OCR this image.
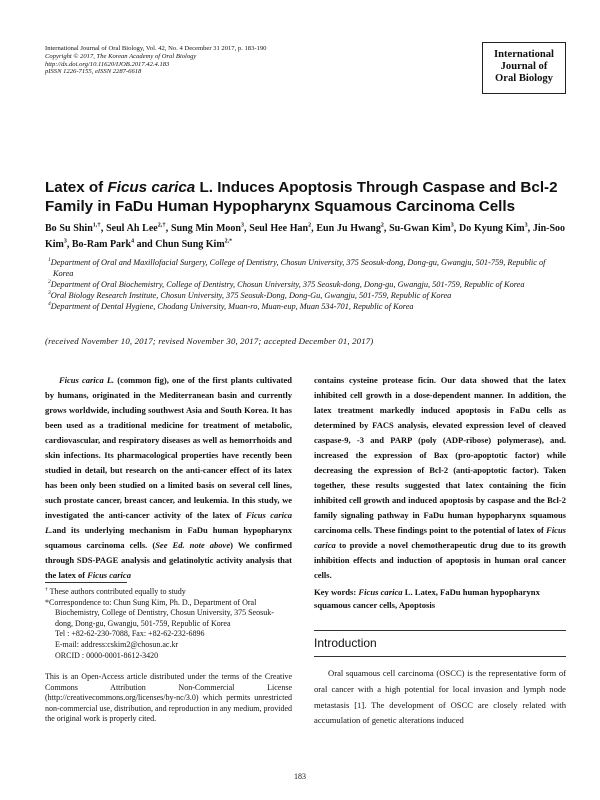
International Journal of Oral Biology, Vol. 42, No. 4 December 31 2017, p. 183-190
Copyright © 2017, The Korean Academy of Oral Biology
http://dx.doi.org/10.11620/IJOB.2017.42.4.183
pISSN 1226-7155, eISSN 2287-6618
International
Journal of
Oral Biology
Latex of Ficus carica L. Induces Apoptosis Through Caspase and Bcl-2 Family in FaDu Human Hypopharynx Squamous Carcinoma Cells
Bo Su Shin$^{1,\dagger}$, Seul Ah Lee$^{2,\dagger}$, Sung Min Moon$^3$, Seul Hee Han$^2$, Eun Ju Hwang$^2$, Su-Gwan Kim$^3$, Do Kyung Kim$^3$, Jin-Soo Kim$^3$, Bo-Ram Park$^4$ and Chun Sung Kim$^{2,*}$
$^1$Department of Oral and Maxillofacial Surgery, College of Dentistry, Chosun University, 375 Seosuk-dong, Dong-gu, Gwangju, 501-759, Republic of Korea
$^2$Department of Oral Biochemistry, College of Dentistry, Chosun University, 375 Seosuk-dong, Dong-gu, Gwangju, 501-759, Republic of Korea
$^3$Oral Biology Research Institute, Chosun University, 375 Seosuk-Dong, Dong-Gu, Gwangju, 501-759, Republic of Korea
$^4$Department of Dental Hygiene, Chodang University, Muan-ro, Muan-eup, Muan 534-701, Republic of Korea
(received November 10, 2017; revised November 30, 2017; accepted December 01, 2017)
Ficus carica L. (common fig), one of the first plants cultivated by humans, originated in the Mediterranean basin and currently grows worldwide, including southwest Asia and South Korea. It has been used as a traditional medicine for treatment of metabolic, cardiovascular, and respiratory diseases as well as hemorrhoids and skin infections. Its pharmacological properties have recently been studied in detail, but research on the anti-cancer effect of its latex has been only been studied on a limited basis on several cell lines, such prostate cancer, breast cancer, and leukemia. In this study, we investigated the anti-cancer activity of the latex of Ficus carica L.and its underlying mechanism in FaDu human hypopharynx squamous carcinoma cells. (See Ed. note above) We confirmed through SDS-PAGE analysis and gelatinolytic activity analysis that the latex of Ficus carica
contains cysteine protease ficin. Our data showed that the latex inhibited cell growth in a dose-dependent manner. In addition, the latex treatment markedly induced apoptosis in FaDu cells as determined by FACS analysis, elevated expression level of cleaved caspase-9, -3 and PARP (poly (ADP-ribose) polymerase), and. increased the expression of Bax (pro-apoptotic factor) while decreasing the expression of Bcl-2 (anti-apoptotic factor). Taken together, these results suggested that latex containing the ficin inhibited cell growth and induced apoptosis by caspase and the Bcl-2 family signaling pathway in FaDu human hypopharynx squamous carcinoma cells. These findings point to the potential of latex of Ficus carica to provide a novel chemotherapeutic drug due to its growth inhibition effects and induction of apoptosis in human oral cancer cells.
Key words: Ficus carica L. Latex, FaDu human hypopharynx squamous cancer cells, Apoptosis
† These authors contributed equally to study
*Correspondence to: Chun Sung Kim, Ph. D., Department of Oral
Biochemistry, College of Dentistry, Chosun University, 375 Seosuk-
dong, Dong-gu, Gwangju, 501-759, Republic of Korea
Tel : +82-62-230-7088, Fax: +82-62-232-6896
E-mail: address:cskim2@chosun.ac.kr
ORCID : 0000-0001-8612-3420
This is an Open-Access article distributed under the terms of the Creative Commons Attribution Non-Commercial License (http://creativecommons.org/licenses/by-nc/3.0) which permits unrestricted non-commercial use, distribution, and reproduction in any medium, provided the original work is properly cited.
Introduction
Oral squamous cell carcinoma (OSCC) is the representative form of oral cancer with a high potential for local invasion and lymph node metastasis [1]. The development of OSCC are closely related with accumulation of genetic alterations induced
183
